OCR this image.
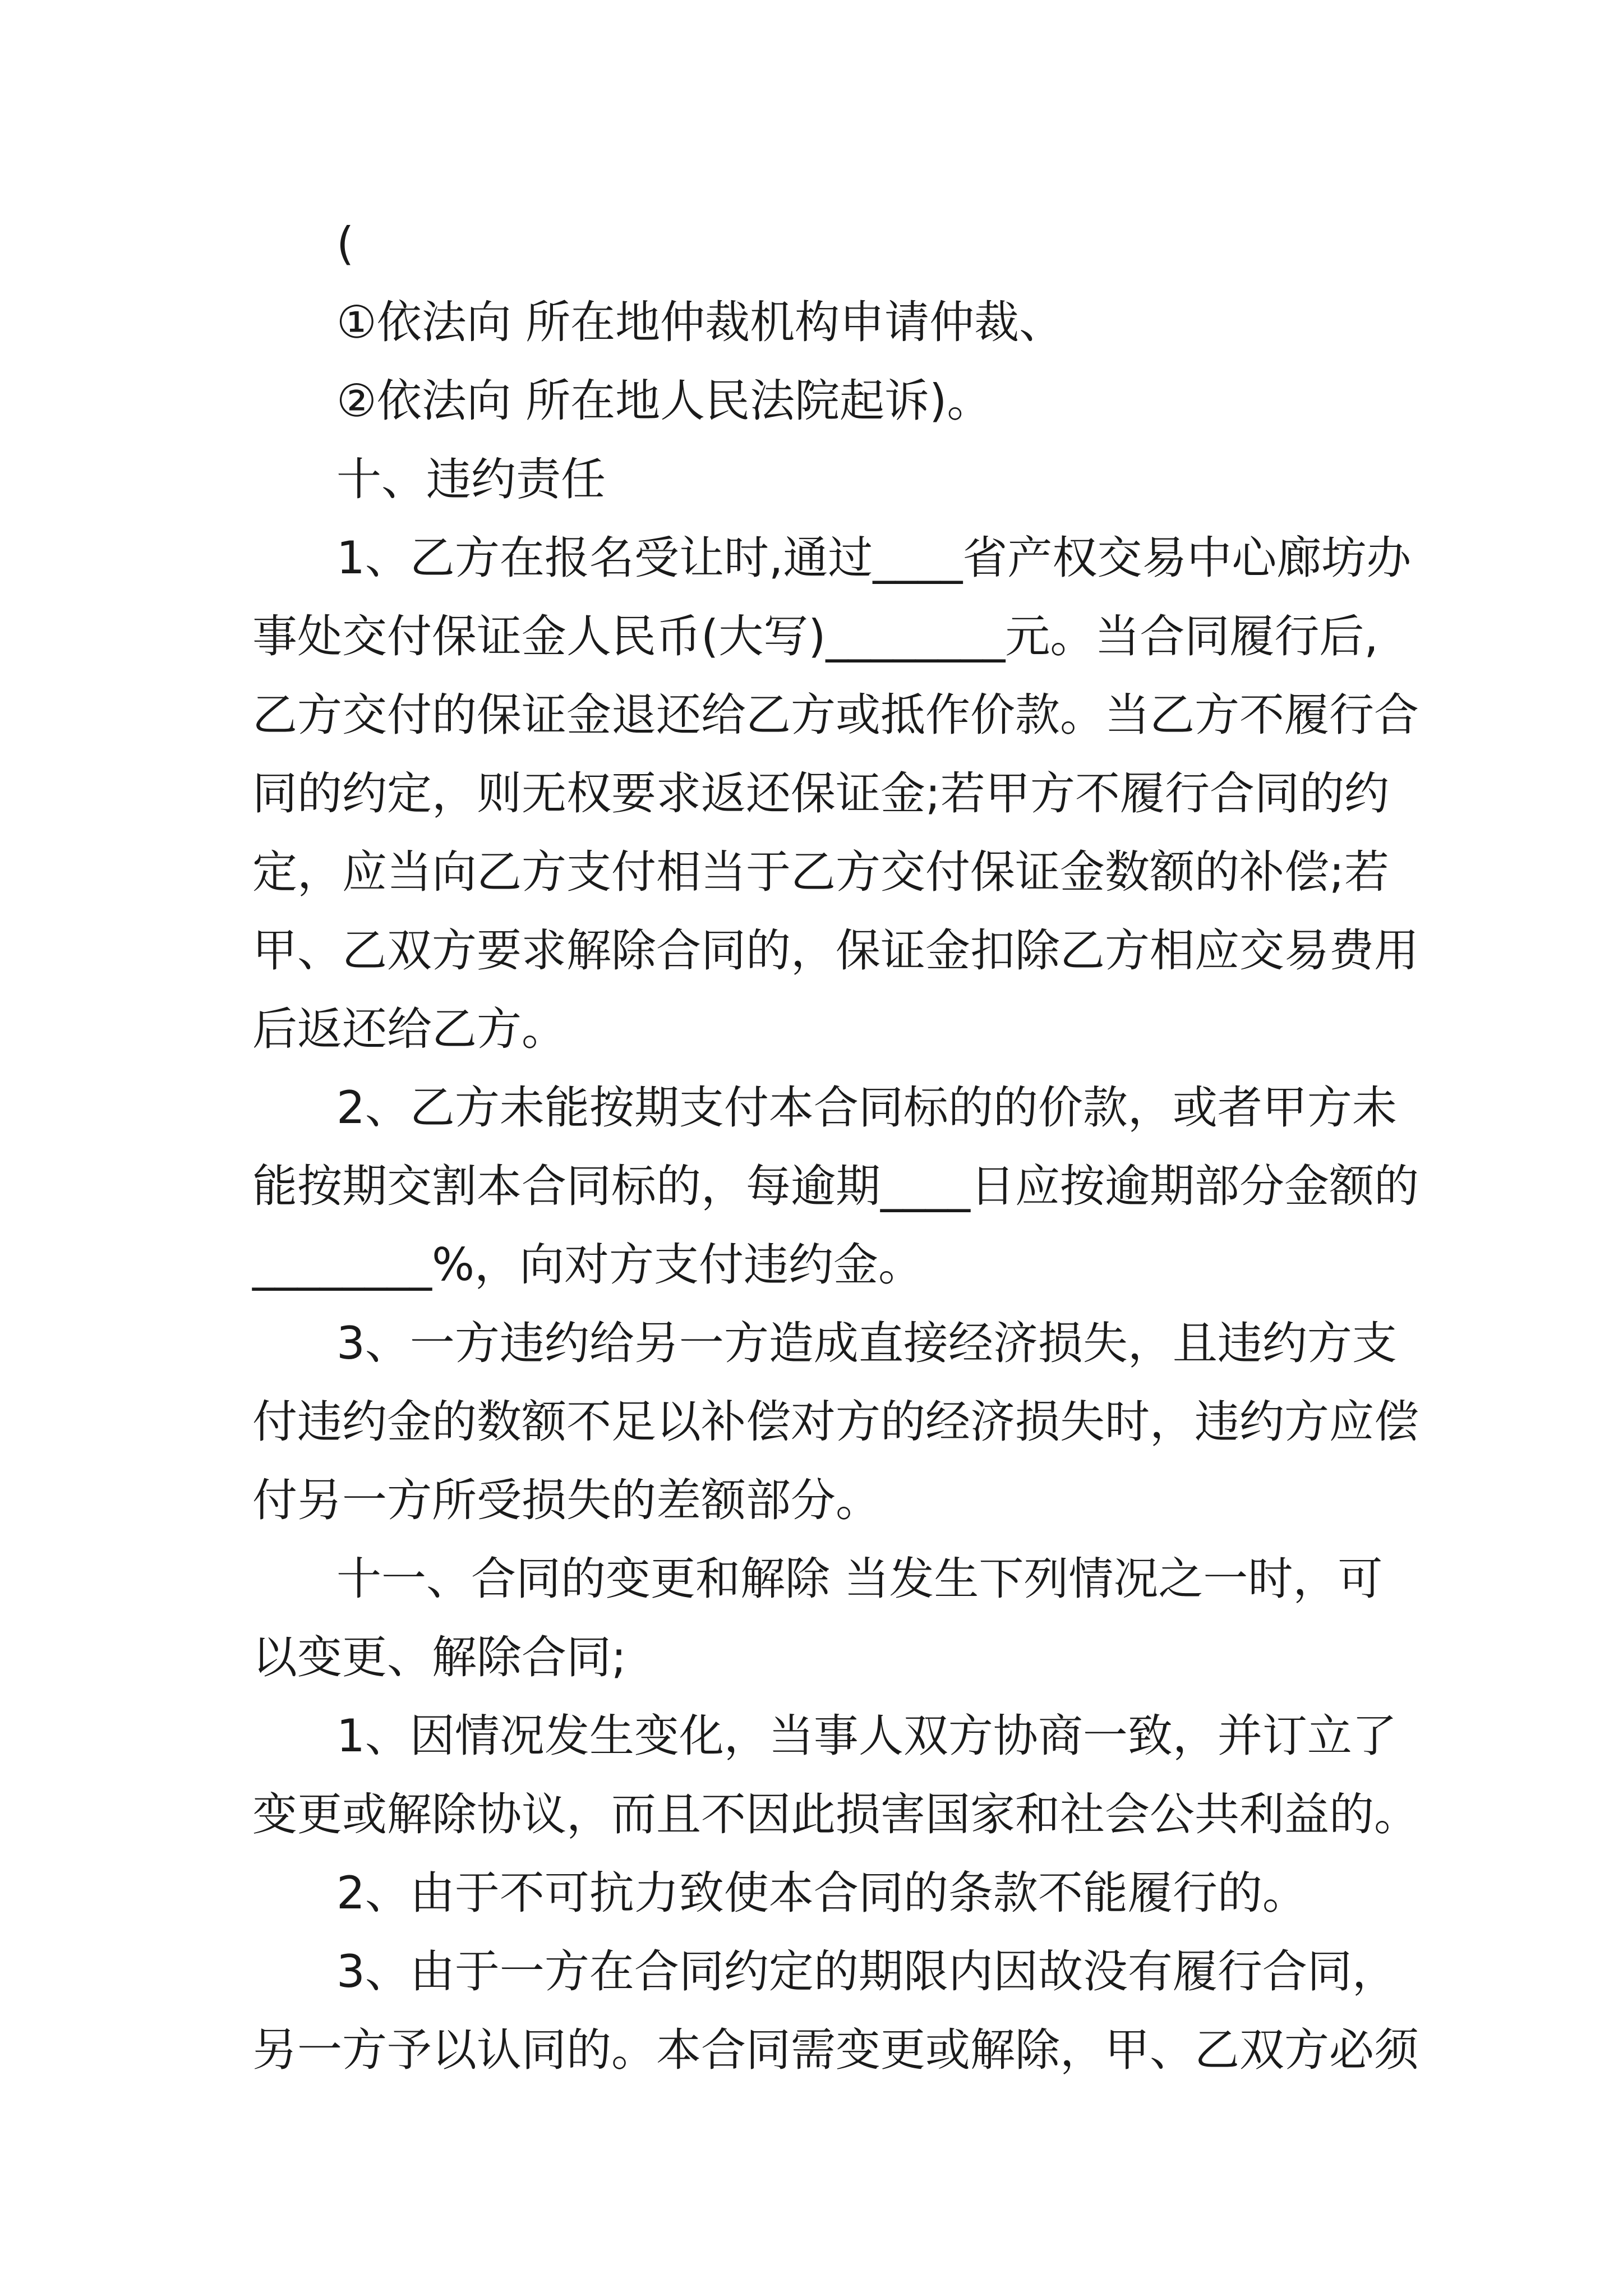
(

①依法向 所在地仲裁机构申请仲裁、

②依法向 所在地人民法院起诉)。

十、违约责任

1、乙方在报名受让时,通过____省产权交易中心廊坊办

事处交付保证金人民币(大写)________元。当合同履行后,

乙方交付的保证金退还给乙方或抵作价款。当乙方不履行合

同的约定，则无权要求返还保证金;若甲方不履行合同的约

定，应当向乙方支付相当于乙方交付保证金数额的补偿;若

甲、乙双方要求解除合同的，保证金扣除乙方相应交易费用

后返还给乙方。

2、乙方未能按期支付本合同标的的价款，或者甲方未

能按期交割本合同标的，每逾期____日应按逾期部分金额的

________%，向对方支付违约金。

3、一方违约给另一方造成直接经济损失，且违约方支

付违约金的数额不足以补偿对方的经济损失时，违约方应偿

付另一方所受损失的差额部分。

十一、合同的变更和解除 当发生下列情况之一时，可

以变更、解除合同;

1、因情况发生变化，当事人双方协商一致，并订立了

变更或解除协议，而且不因此损害国家和社会公共利益的。

2、由于不可抗力致使本合同的条款不能履行的。

3、由于一方在合同约定的期限内因故没有履行合同，

另一方予以认同的。本合同需变更或解除，甲、乙双方必须
